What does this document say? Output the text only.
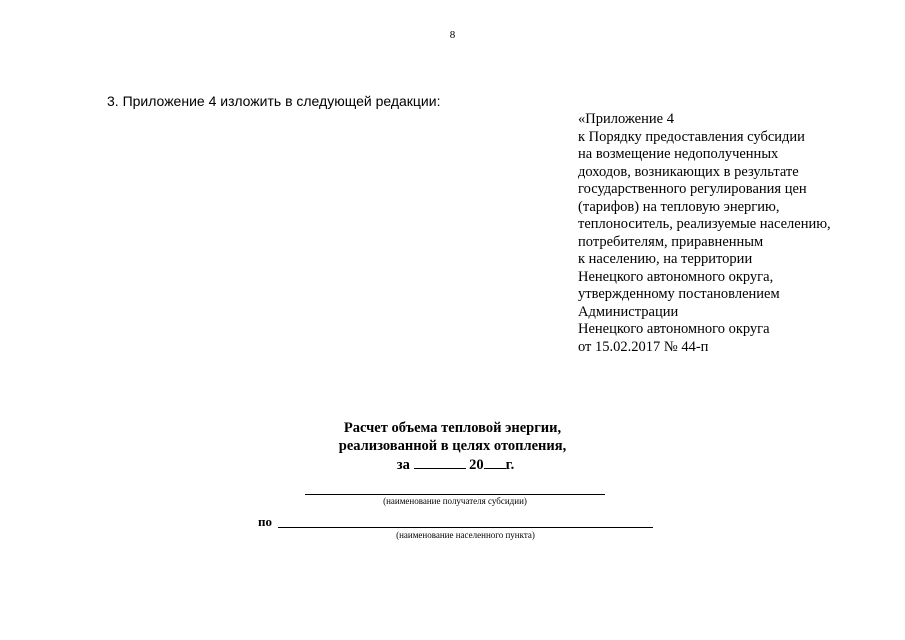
8
3. Приложение 4 изложить в следующей редакции:
«Приложение 4
к Порядку предоставления субсидии
на возмещение недополученных
доходов, возникающих в результате
государственного регулирования цен
(тарифов) на тепловую энергию,
теплоноситель, реализуемые населению,
потребителям, приравненным
к населению, на территории
Ненецкого автономного округа,
утвержденному постановлением
Администрации
Ненецкого автономного округа
от 15.02.2017 № 44-п
Расчет объема тепловой энергии,
реализованной в целях отопления,
за	20 г.
(наименование получателя субсидии)
по
(наименование населенного пункта)
